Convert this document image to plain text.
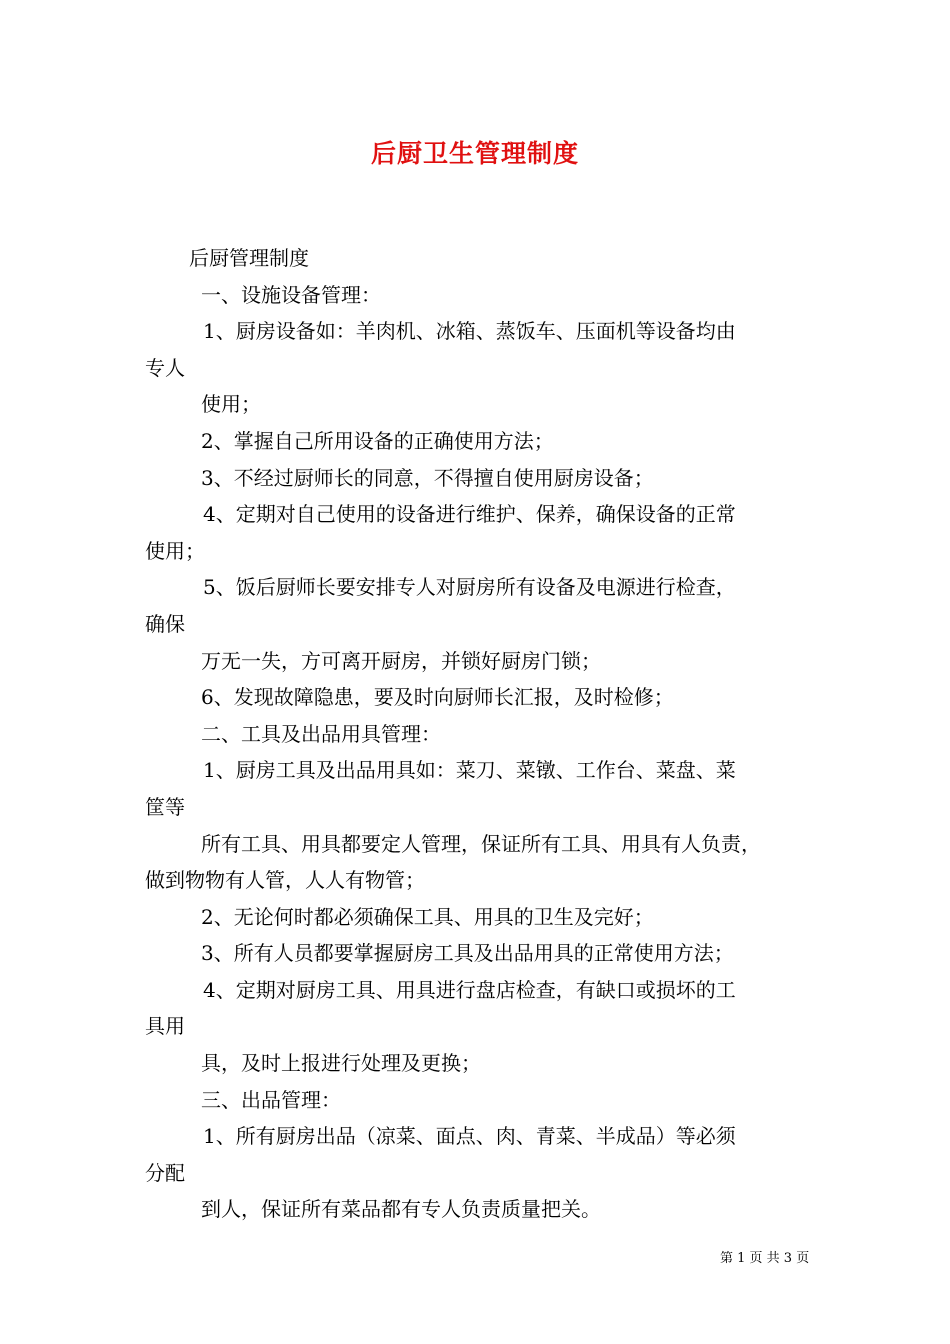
后厨卫生管理制度
后厨管理制度
一、设施设备管理：
1、厨房设备如：羊肉机、冰箱、蒸饭车、压面机等设备均由
专人
使用；
2、掌握自己所用设备的正确使用方法；
3、不经过厨师长的同意，不得擅自使用厨房设备；
4、定期对自己使用的设备进行维护、保养，确保设备的正常
使用；
5、饭后厨师长要安排专人对厨房所有设备及电源进行检查，
确保
万无一失，方可离开厨房，并锁好厨房门锁；
6、发现故障隐患，要及时向厨师长汇报，及时检修；
二、工具及出品用具管理：
1、厨房工具及出品用具如：菜刀、菜镦、工作台、菜盘、菜
筐等
所有工具、用具都要定人管理，保证所有工具、用具有人负责，
做到物物有人管，人人有物管；
2、无论何时都必须确保工具、用具的卫生及完好；
3、所有人员都要掌握厨房工具及出品用具的正常使用方法；
4、定期对厨房工具、用具进行盘店检查，有缺口或损坏的工
具用
具，及时上报进行处理及更换；
三、出品管理：
1、所有厨房出品（凉菜、面点、肉、青菜、半成品）等必须
分配
到人，保证所有菜品都有专人负责质量把关。
第 1 页 共 3 页
